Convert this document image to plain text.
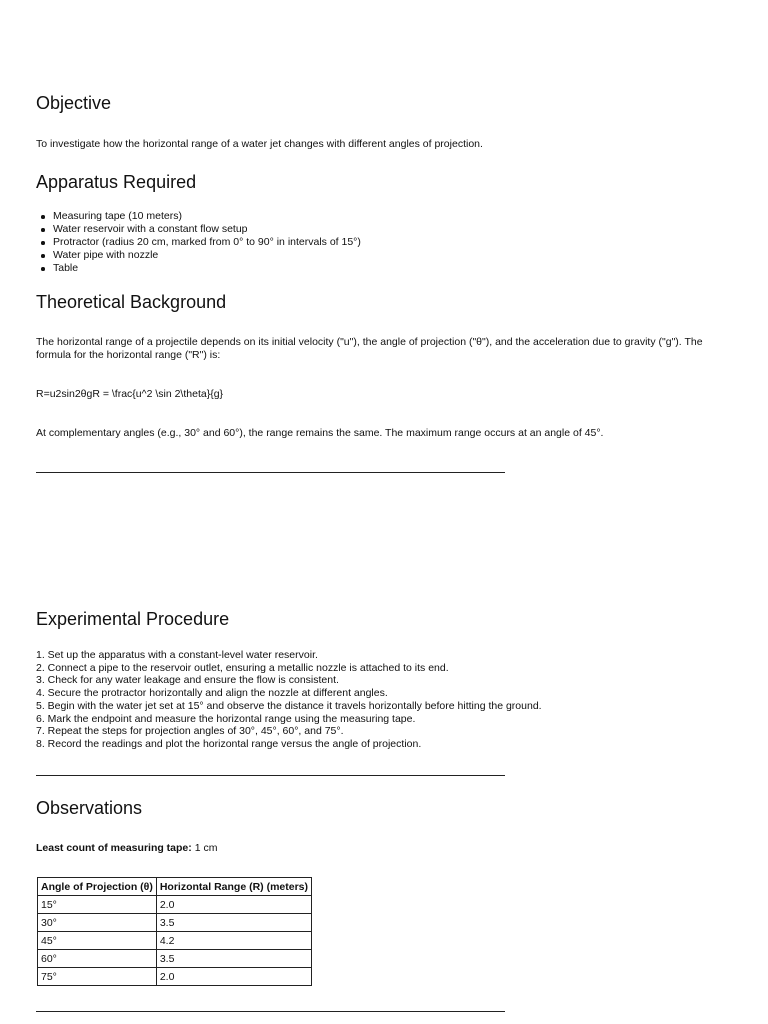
Objective

To investigate how the horizontal range of a water jet changes with different angles of projection.

Apparatus Required
Measuring tape (10 meters)
Water reservoir with a constant flow setup
Protractor (radius 20 cm, marked from 0° to 90° in intervals of 15°)
Water pipe with nozzle
Table
Theoretical Background

The horizontal range of a projectile depends on its initial velocity ("u"), the angle of projection ("θ"), and the acceleration due to gravity ("g"). The formula for the horizontal range ("R") is:

R=u2sin⁡2θgR = \frac{u^2 \sin 2\theta}{g}

At complementary angles (e.g., 30° and 60°), the range remains the same. The maximum range occurs at an angle of 45°.

Experimental Procedure
1. Set up the apparatus with a constant-level water reservoir.
2. Connect a pipe to the reservoir outlet, ensuring a metallic nozzle is attached to its end.
3. Check for any water leakage and ensure the flow is consistent.
4. Secure the protractor horizontally and align the nozzle at different angles.
5. Begin with the water jet set at 15° and observe the distance it travels horizontally before hitting the ground.
6. Mark the endpoint and measure the horizontal range using the measuring tape.
7. Repeat the steps for projection angles of 30°, 45°, 60°, and 75°.
8. Record the readings and plot the horizontal range versus the angle of projection.
Observations
Least count of measuring tape: 1 cm
Angle of Projection (θ)	Horizontal Range (R) (meters)
15°	2.0
30°	3.5
45°	4.2
60°	3.5
75°	2.0
